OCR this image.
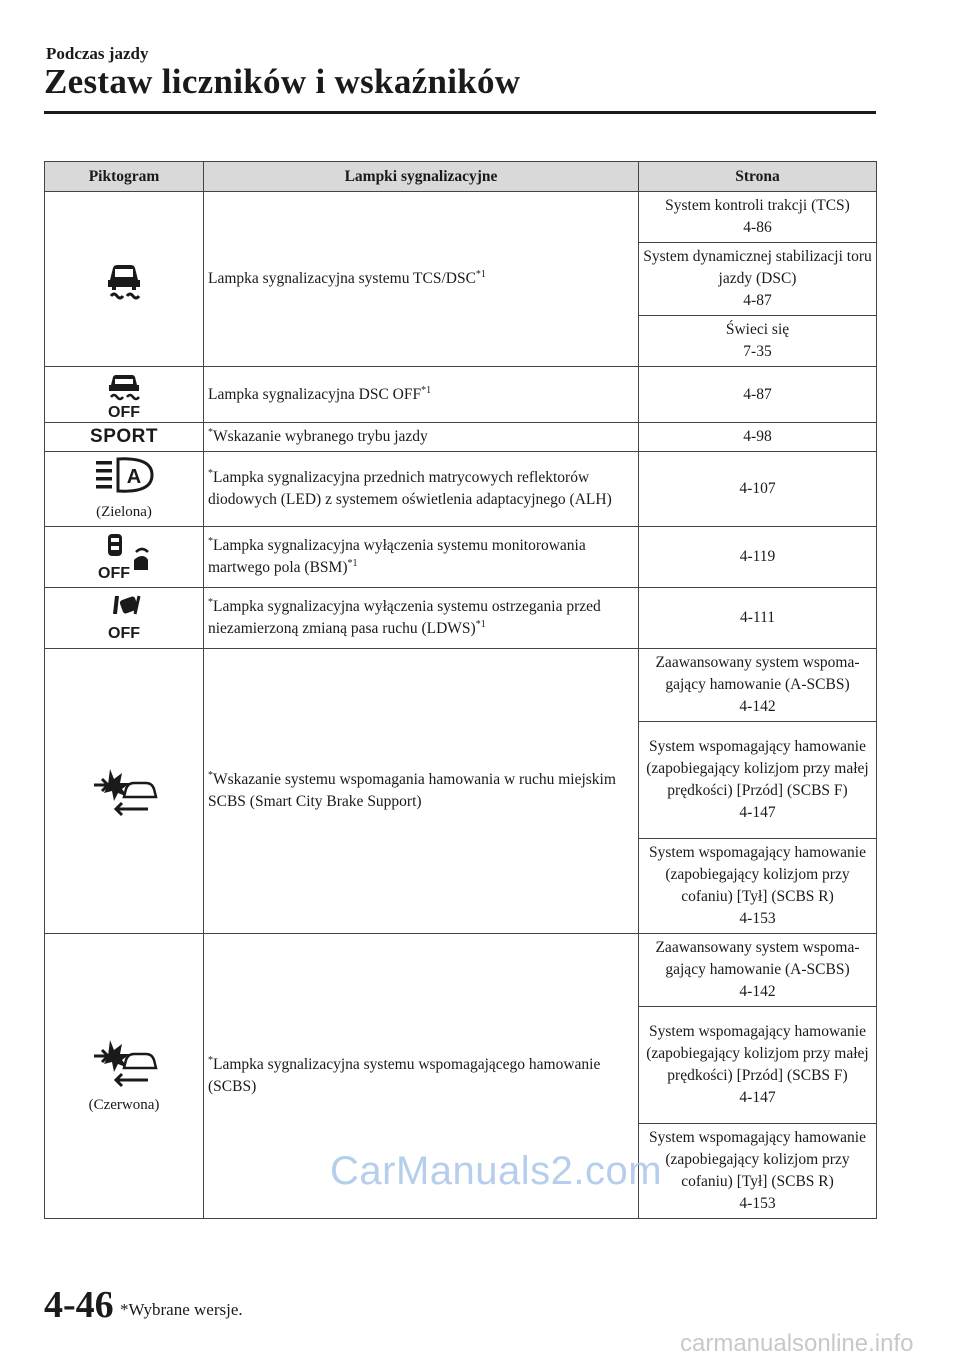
Podczas jazdy
Zestaw liczników i wskaźników
Piktogram	Lampki sygnalizacyjne	Strona

	Lampka sygnalizacyjna systemu TCS/DSC$^{*1}$	System kontroli trakcji (TCS)
4-86

		System dynamicznej stabilizacji toru jazdy (DSC)
4-87

		Świeci się
7-35

OFF	Lampka sygnalizacyjna DSC OFF$^{*1}$	4-87
SPORT	*Wskazanie wybranego trybu jazdy	4-98

A
(Zielona)	*Lampka sygnalizacyjna przednich matrycowych reflektorów diodowych (LED) z systemem oświetlenia adaptacyjnego (ALH)	4-107

OFF	*Lampka sygnalizacyjna wyłączenia systemu monitorowania martwego pola (BSM)$^{*1}$	4-119

OFF	*Lampka sygnalizacyjna wyłączenia systemu ostrzegania przed niezamierzoną zmianą pasa ruchu (LDWS)$^{*1}$	4-111

	*Wskazanie systemu wspomagania hamowania w ruchu miejskim SCBS (Smart City Brake Support)	Zaawansowany system wspomagający hamowanie (A-SCBS)
4-142

		System wspomagający hamowanie (zapobiegający kolizjom przy małej prędkości) [Przód] (SCBS F)
4-147

		System wspomagający hamowanie (zapobiegający kolizjom przy cofaniu) [Tył] (SCBS R)
4-153

(Czerwona)	*Lampka sygnalizacyjna systemu wspomagającego hamowanie (SCBS)	Zaawansowany system wspomagający hamowanie (A-SCBS)
4-142

		System wspomagający hamowanie (zapobiegający kolizjom przy małej prędkości) [Przód] (SCBS F)
4-147

		System wspomagający hamowanie (zapobiegający kolizjom przy cofaniu) [Tył] (SCBS R)
4-153
CarManuals2.com
4-46 *Wybrane wersje.
carmanualsonline.info
